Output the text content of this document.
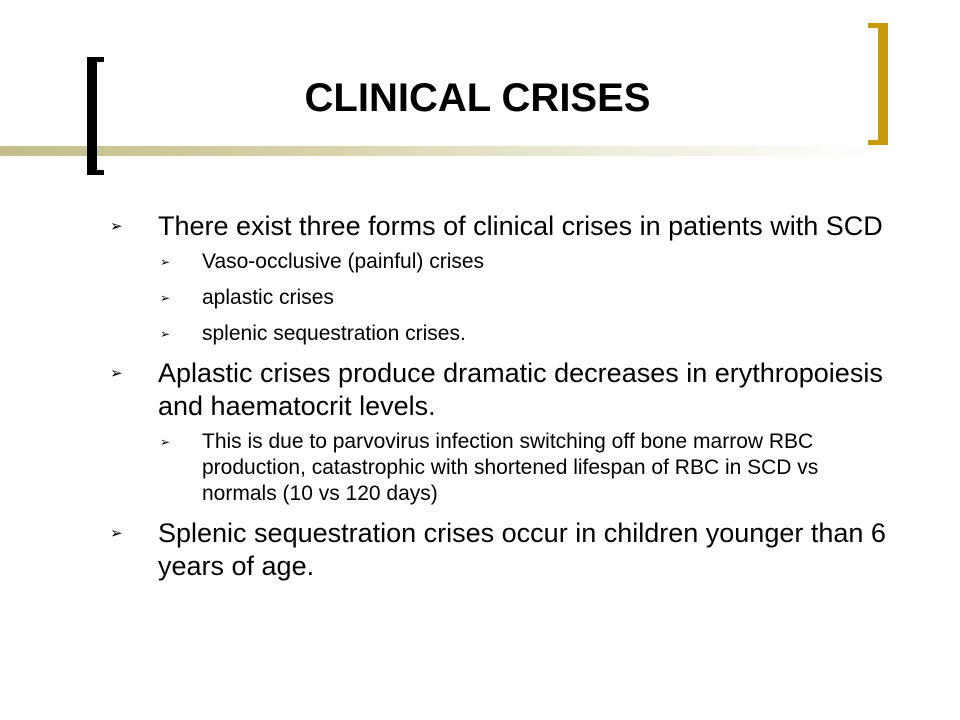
CLINICAL CRISES
➢ There exist three forms of clinical crises in patients with SCD
➢ Vaso-occlusive (painful) crises
➢ aplastic crises
➢ splenic sequestration crises.
➢ Aplastic crises produce dramatic decreases in erythropoiesis and haematocrit levels.
➢ This is due to parvovirus infection switching off bone marrow RBC production, catastrophic with shortened lifespan of RBC in SCD vs normals (10 vs 120 days)
➢ Splenic sequestration crises occur in children younger than 6 years of age.
